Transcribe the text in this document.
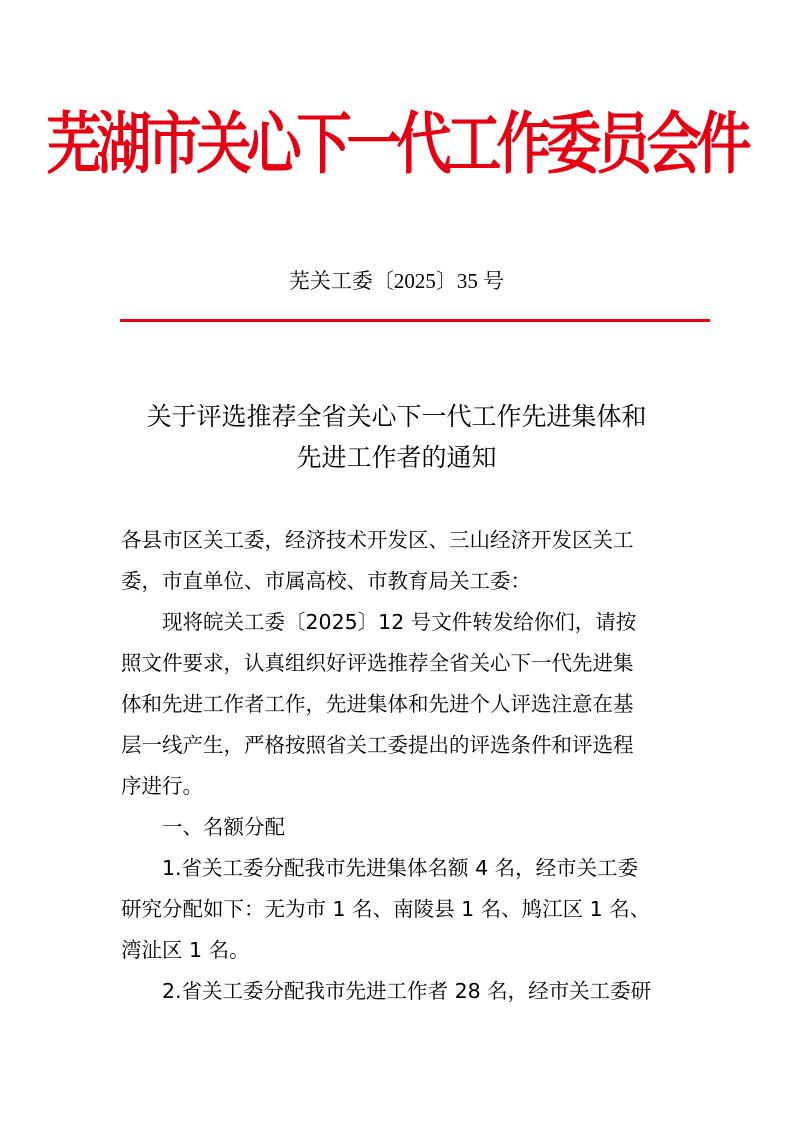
芜湖市关心下一代工作委员会件
芜关工委〔2025〕35 号
关于评选推荐全省关心下一代工作先进集体和
先进工作者的通知
各县市区关工委，经济技术开发区、三山经济开发区关工
委，市直单位、市属高校、市教育局关工委：
现将皖关工委〔2025〕12 号文件转发给你们，请按
照文件要求，认真组织好评选推荐全省关心下一代先进集
体和先进工作者工作，先进集体和先进个人评选注意在基
层一线产生，严格按照省关工委提出的评选条件和评选程
序进行。
一、名额分配
1.省关工委分配我市先进集体名额 4 名，经市关工委
研究分配如下：无为市 1 名、南陵县 1 名、鸠江区 1 名、
湾沚区 1 名。
2.省关工委分配我市先进工作者 28 名，经市关工委研
